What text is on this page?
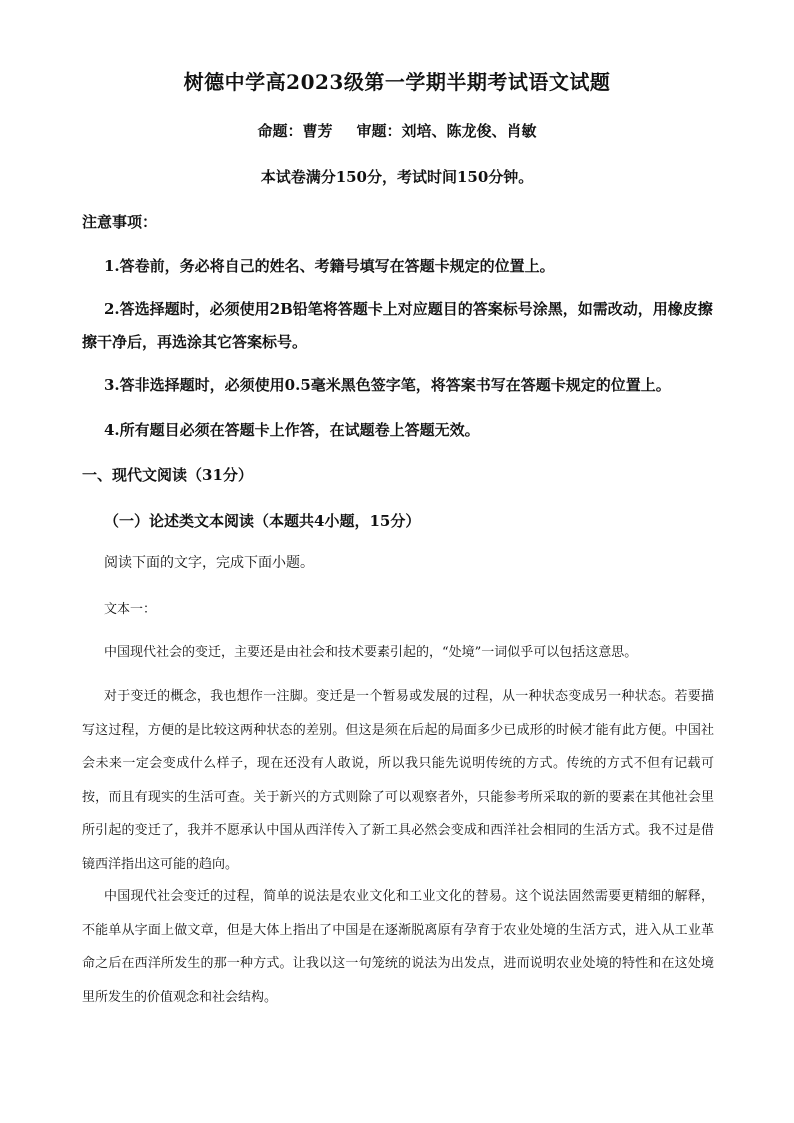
树德中学高2023级第一学期半期考试语文试题
命题：曹芳 审题：刘培、陈龙俊、肖敏
本试卷满分150分，考试时间150分钟。
注意事项：
1.答卷前，务必将自己的姓名、考籍号填写在答题卡规定的位置上。
2.答选择题时，必须使用2B铅笔将答题卡上对应题目的答案标号涂黑，如需改动，用橡皮擦擦干净后，再选涂其它答案标号。
3.答非选择题时，必须使用0.5毫米黑色签字笔，将答案书写在答题卡规定的位置上。
4.所有题目必须在答题卡上作答，在试题卷上答题无效。
一、现代文阅读（31分）
（一）论述类文本阅读（本题共4小题，15分）
阅读下面的文字，完成下面小题。
文本一：
中国现代社会的变迁，主要还是由社会和技术要素引起的，“处境”一词似乎可以包括这意思。
对于变迁的概念，我也想作一注脚。变迁是一个暂易或发展的过程，从一种状态变成另一种状态。若要描写这过程，方便的是比较这两种状态的差别。但这是须在后起的局面多少已成形的时候才能有此方便。中国社会未来一定会变成什么样子，现在还没有人敢说，所以我只能先说明传统的方式。传统的方式不但有记载可按，而且有现实的生活可查。关于新兴的方式则除了可以观察者外，只能参考所采取的新的要素在其他社会里所引起的变迁了，我并不愿承认中国从西洋传入了新工具必然会变成和西洋社会相同的生活方式。我不过是借镜西洋指出这可能的趋向。
中国现代社会变迁的过程，简单的说法是农业文化和工业文化的替易。这个说法固然需要更精细的解释，不能单从字面上做文章，但是大体上指出了中国是在逐渐脱离原有孕育于农业处境的生活方式，进入从工业革命之后在西洋所发生的那一种方式。让我以这一句笼统的说法为出发点，进而说明农业处境的特性和在这处境里所发生的价值观念和社会结构。
